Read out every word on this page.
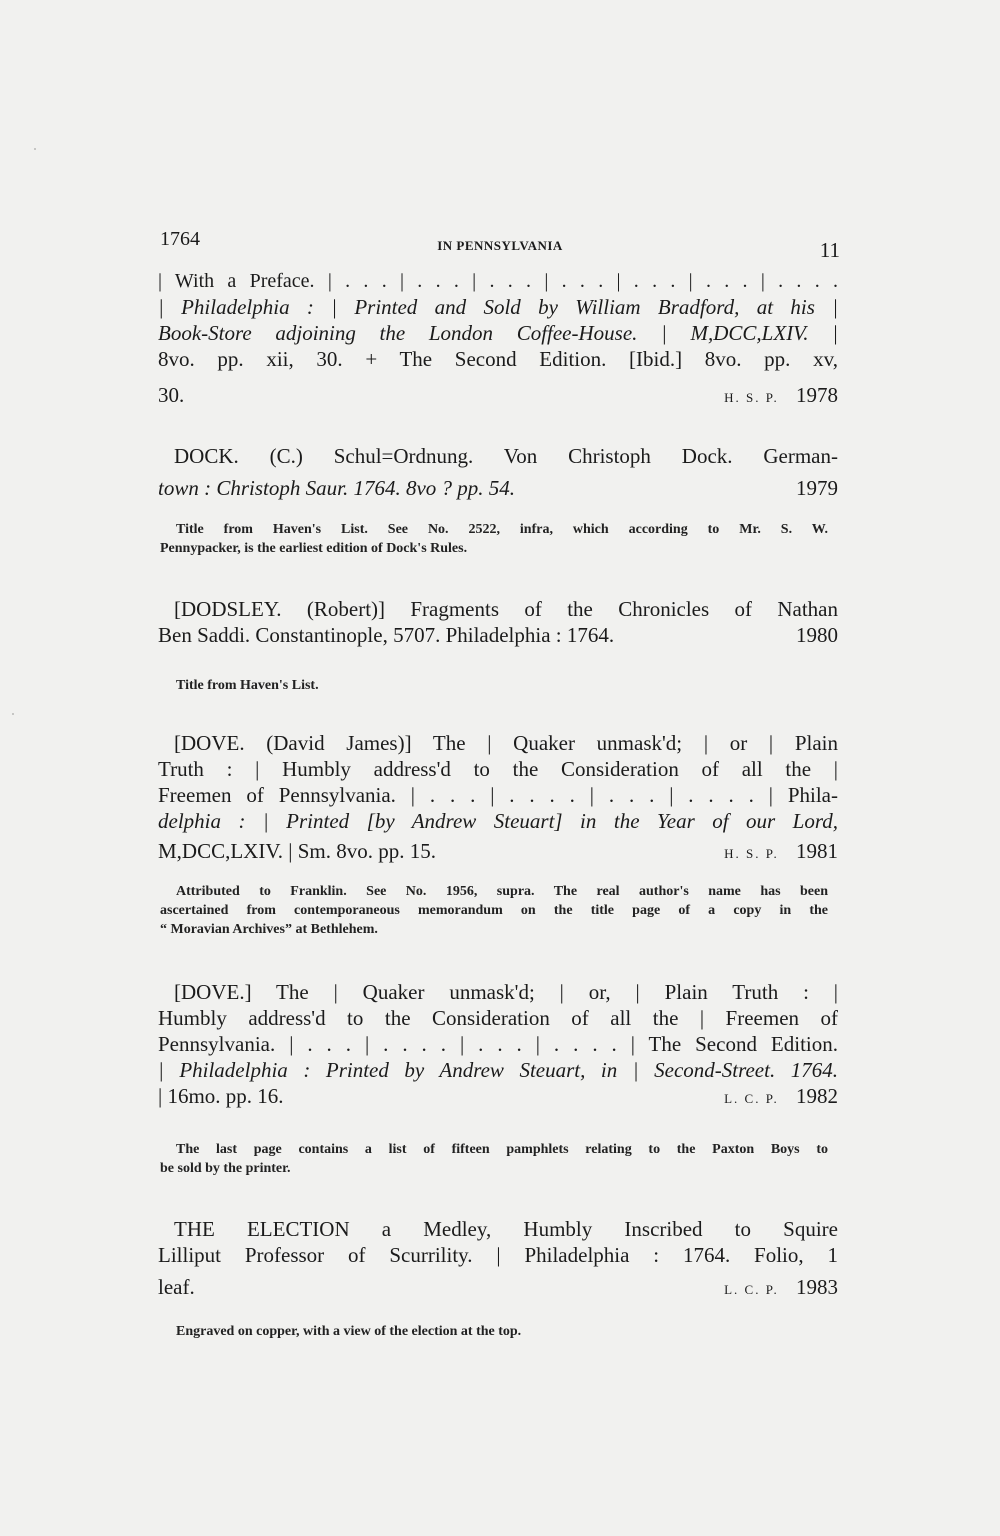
1764	IN PENNSYLVANIA	11
| With a Preface. | . . . | . . . | . . . | . . . | . . . | . . . | . . . .
| Philadelphia : | Printed and Sold by William Bradford, at his |
Book-Store adjoining the London Coffee-House. | M,DCC,LXIV. |
8vo. pp. xii, 30. + The Second Edition. [Ibid.] 8vo. pp. xv,
30.	H. S. P. 1978
DOCK. (C.) Schul=Ordnung. Von Christoph Dock. German-
town : Christoph Saur. 1764. 8vo ? pp. 54.	1979
Title from Haven's List. See No. 2522, infra, which according to Mr. S. W.
Pennypacker, is the earliest edition of Dock's Rules.
[DODSLEY. (Robert)] Fragments of the Chronicles of Nathan
Ben Saddi. Constantinople, 5707. Philadelphia : 1764.	1980
Title from Haven's List.
[DOVE. (David James)] The | Quaker unmask'd; | or | Plain
Truth : | Humbly address'd to the Consideration of all the |
Freemen of Pennsylvania. | . . . | . . . . | . . . | . . . . | Phila-
delphia : | Printed [by Andrew Steuart] in the Year of our Lord,
M,DCC,LXIV. | Sm. 8vo. pp. 15.	H. S. P. 1981
Attributed to Franklin. See No. 1956, supra. The real author's name has been
ascertained from contemporaneous memorandum on the title page of a copy in the
“ Moravian Archives” at Bethlehem.
[DOVE.] The | Quaker unmask'd; | or, | Plain Truth : |
Humbly address'd to the Consideration of all the | Freemen of
Pennsylvania. | . . . | . . . . | . . . | . . . . | The Second Edition.
| Philadelphia : Printed by Andrew Steuart, in | Second-Street. 1764.
| 16mo. pp. 16.	L. C. P. 1982
The last page contains a list of fifteen pamphlets relating to the Paxton Boys to
be sold by the printer.
THE ELECTION a Medley, Humbly Inscribed to Squire
Lilliput Professor of Scurrility. | Philadelphia : 1764. Folio, 1
leaf.	L. C. P. 1983
Engraved on copper, with a view of the election at the top.
